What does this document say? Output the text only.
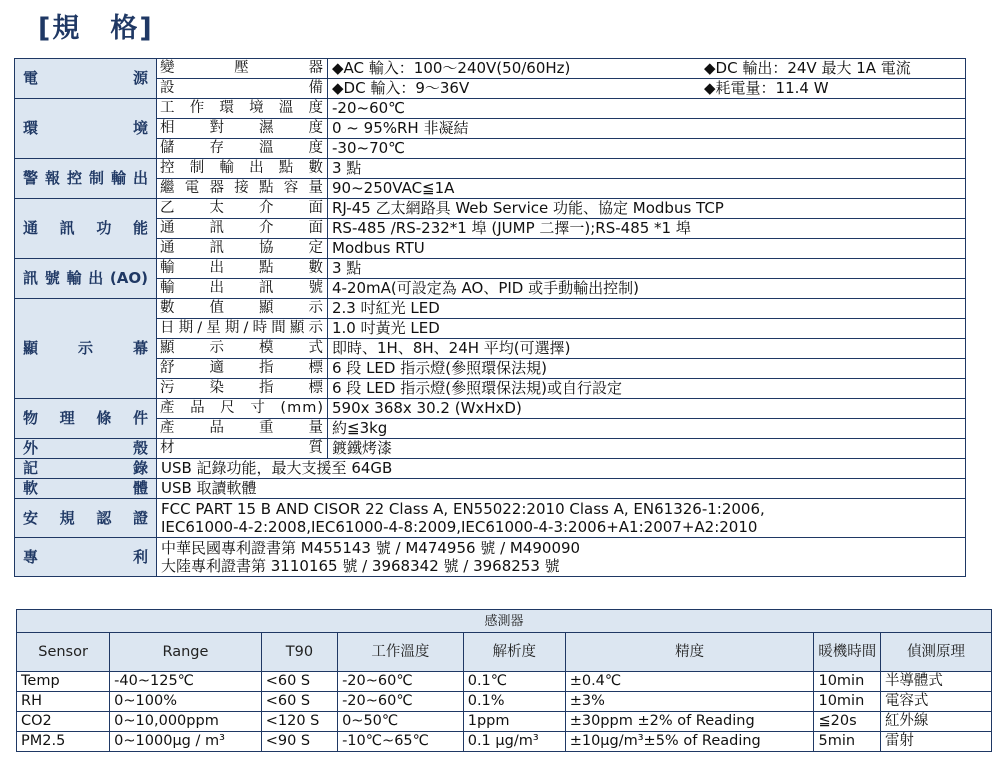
[規　格]
電　　　源	變　　壓　　器	◆AC 輸入：100～240V(50/60Hz) ◆DC 輸出：24V 最大 1A 電流
	設　　　　　備	◆DC 輸入：9～36V ◆耗電量：11.4 W
環　　　境	工作環境溫度	-20~60℃
	相　對　濕　度	0 ~ 95%RH 非凝結
	儲　存　溫　度	-30~70℃
警報控制輸出	控制輸出點數	3 點
	繼電器接點容量	90~250VAC≦1A
通　訊　功　能	乙　太　介　面	RJ-45 乙太網路具 Web Service 功能、協定 Modbus TCP
	通　訊　介　面	RS-485 /RS-232*1 埠 (JUMP 二擇一);RS-485 *1 埠
	通　訊　協　定	Modbus RTU
訊號輸出(AO)	輸　出　點　數	3 點
	輸　出　訊　號	4-20mA(可設定為 AO、PID 或手動輸出控制)
顯　　示　　幕	數　值　顯　示	2.3 吋紅光 LED
	日期/星期/時間顯示	1.0 吋黃光 LED
	顯　示　模　式	即時、1H、8H、24H 平均(可選擇)
	舒　適　指　標	6 段 LED 指示燈(參照環保法規)
	污　染　指　標	6 段 LED 指示燈(參照環保法規)或自行設定
物　理　條　件	產品尺寸(mm)	590x 368x 30.2 (WxHxD)
	產　品　重　量	約≦3kg
外　　　殼	材　　　　　質	鍍鐵烤漆
記　　　錄	USB 記錄功能，最大支援至 64GB	
軟　　　體	USB 取讀軟體	
安　規　認　證	FCC PART 15 B AND CISOR 22 Class A, EN55022:2010 Class A, EN61326-1:2006,
IEC61000-4-2:2008,IEC61000-4-8:2009,IEC61000-4-3:2006+A1:2007+A2:2010	

專　　　利	中華民國專利證書第 M455143 號 / M474956 號 / M490090
大陸專利證書第 3110165 號 / 3968342 號 / 3968253 號	
感測器							
Sensor	Range	T90	工作溫度	解析度	精度	暖機時間	偵測原理
Temp	-40~125℃	<60 S	-20~60℃	0.1℃	±0.4℃	10min	半導體式
RH	0~100%	<60 S	-20~60℃	0.1%	±3%	10min	電容式
CO2	0~10,000ppm	<120 S	0~50℃	1ppm	±30ppm ±2% of Reading	≦20s	紅外線
PM2.5	0~1000μg / m³	<90 S	-10℃~65℃	0.1 μg/m³	±10μg/m³±5% of Reading	5min	雷射
